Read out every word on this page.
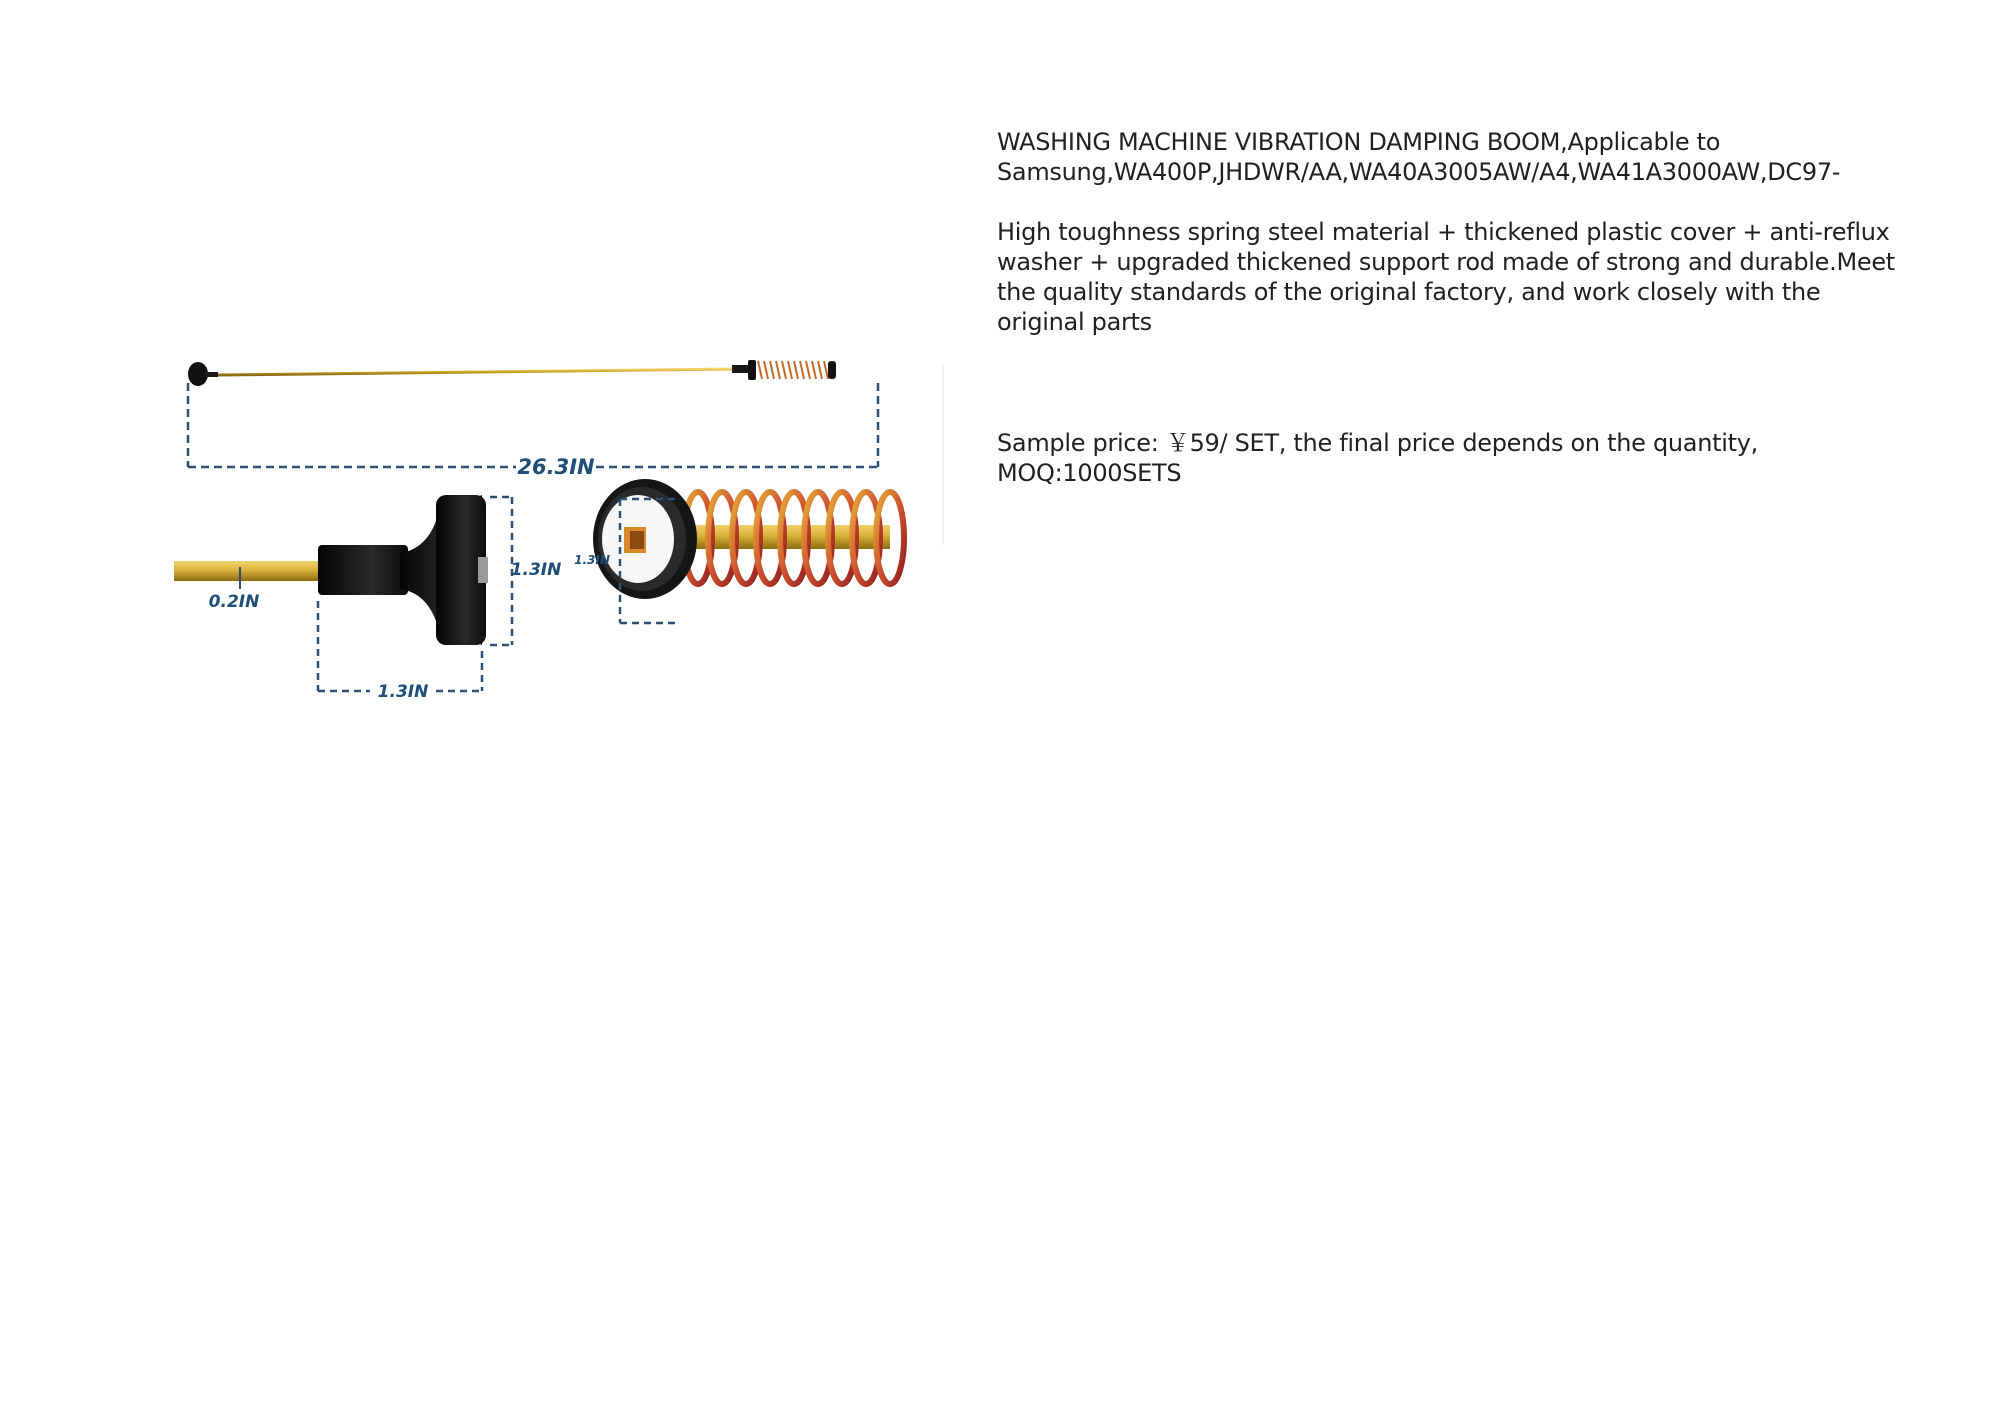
26.3IN
0.2IN
1.3IN
1.3IN
1.3IN

WASHING MACHINE VIBRATION DAMPING BOOM,Applicable to Samsung,WA400P,JHDWR/AA,WA40A3005AW/A4,WA41A3000AW,DC97-

High toughness spring steel material + thickened plastic cover + anti-reflux washer + upgraded thickened support rod made of strong and durable.Meet the quality standards of the original factory, and work closely with the original parts

Sample price: ￥59/ SET, the final price depends on the quantity,

MOQ:1000SETS
